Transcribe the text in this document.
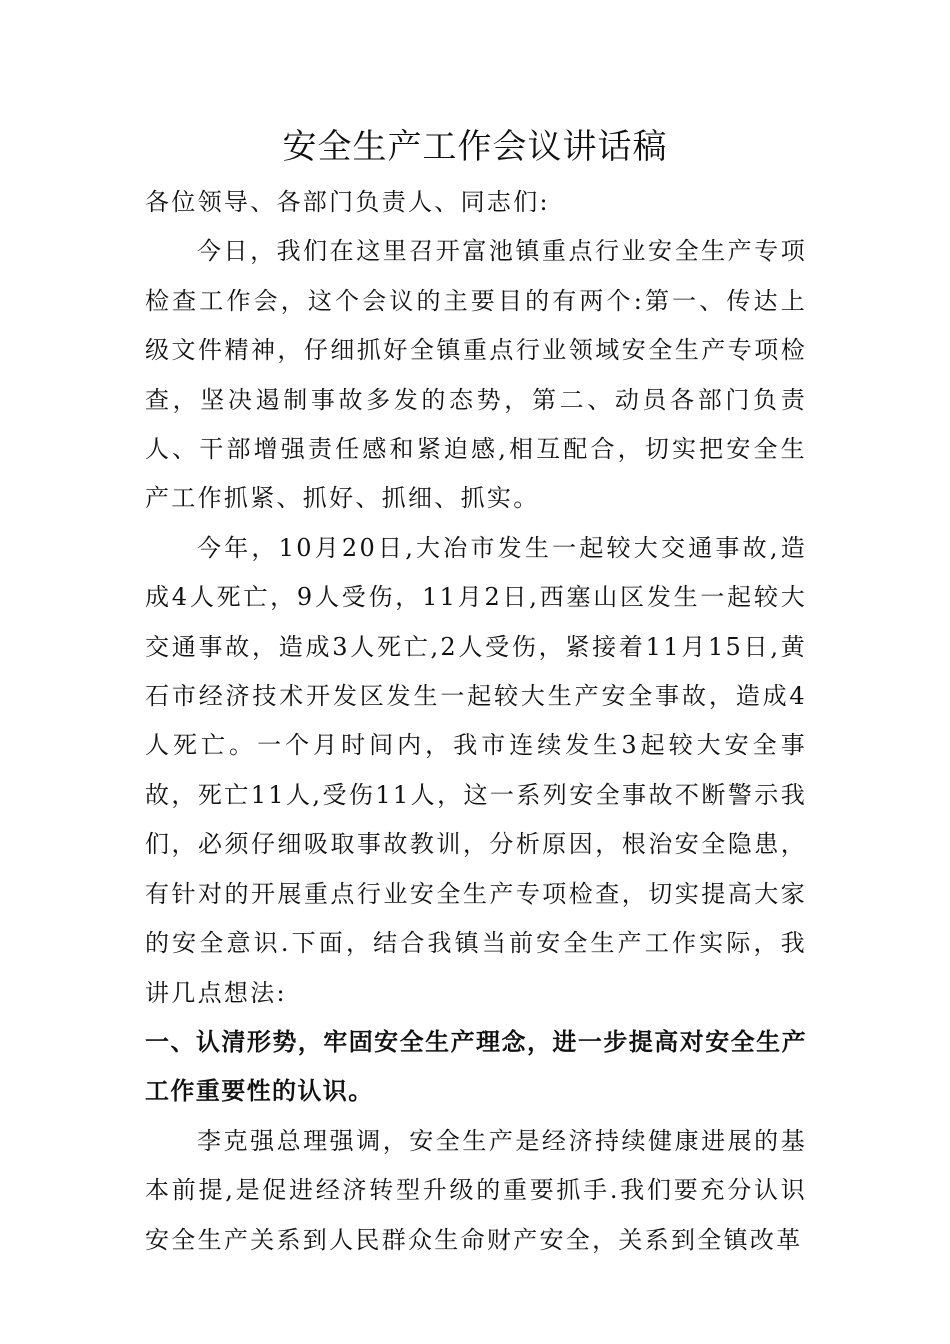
安全生产工作会议讲话稿

各位领导、各部门负责人、同志们:

今日，我们在这里召开富池镇重点行业安全生产专项检查工作会，这个会议的主要目的有两个:第一、传达上级文件精神，仔细抓好全镇重点行业领域安全生产专项检查，坚决遏制事故多发的态势，第二、动员各部门负责人、干部增强责任感和紧迫感,相互配合，切实把安全生产工作抓紧、抓好、抓细、抓实。

今年，10月20日,大冶市发生一起较大交通事故,造成4人死亡，9人受伤，11月2日,西塞山区发生一起较大交通事故，造成3人死亡,2人受伤，紧接着11月15日,黄石市经济技术开发区发生一起较大生产安全事故，造成4人死亡。一个月时间内，我市连续发生3起较大安全事故，死亡11人,受伤11人，这一系列安全事故不断警示我们，必须仔细吸取事故教训，分析原因，根治安全隐患，有针对的开展重点行业安全生产专项检查，切实提高大家的安全意识.下面，结合我镇当前安全生产工作实际，我讲几点想法:

一、认清形势，牢固安全生产理念，进一步提高对安全生产工作重要性的认识。

李克强总理强调，安全生产是经济持续健康进展的基本前提,是促进经济转型升级的重要抓手.我们要充分认识安全生产关系到人民群众生命财产安全，关系到全镇改革
